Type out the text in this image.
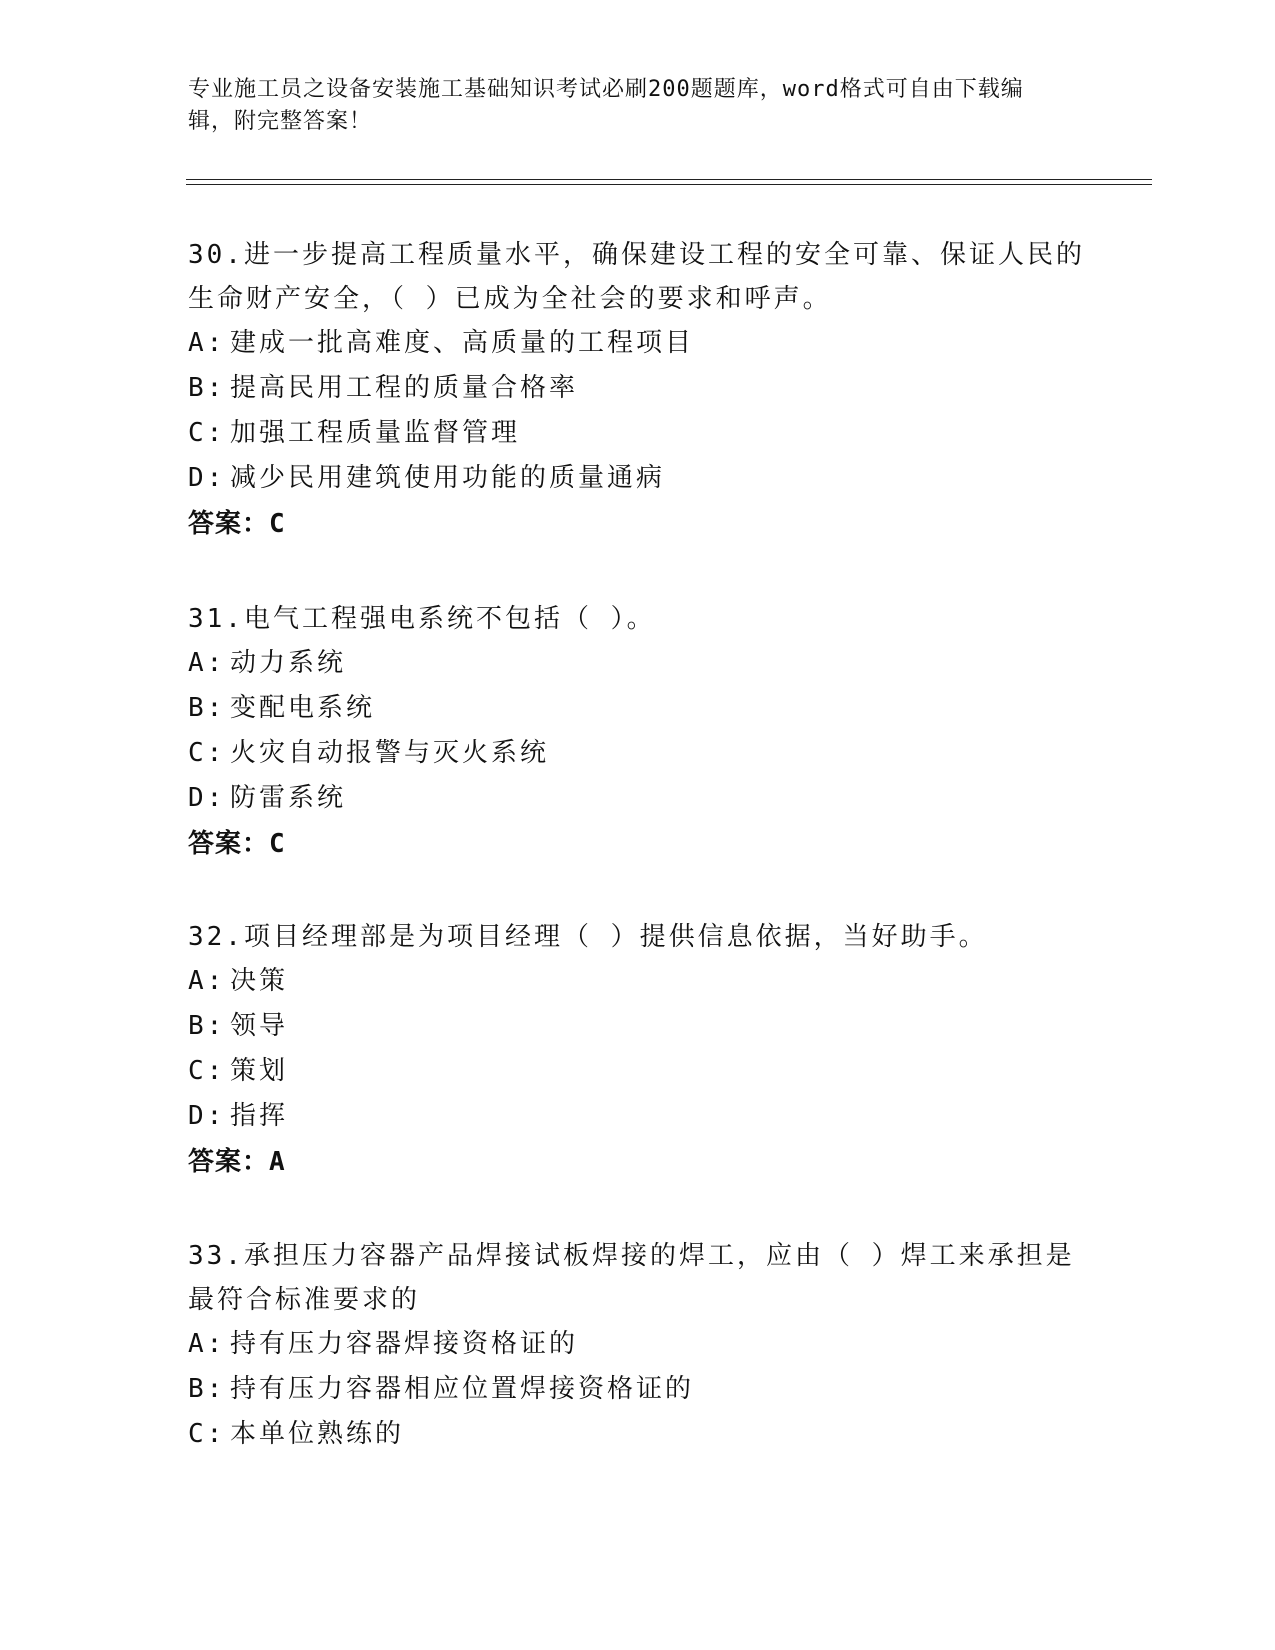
专业施工员之设备安装施工基础知识考试必刷200题题库，word格式可自由下载编辑，附完整答案！

30.进一步提高工程质量水平，确保建设工程的安全可靠、保证人民的生命财产安全，（ ）已成为全社会的要求和呼声。

A: 建成一批高难度、高质量的工程项目

B: 提高民用工程的质量合格率

C: 加强工程质量监督管理

D: 减少民用建筑使用功能的质量通病

答案：C

31.电气工程强电系统不包括（ ）。

A: 动力系统

B: 变配电系统

C: 火灾自动报警与灭火系统

D: 防雷系统

答案：C

32.项目经理部是为项目经理（ ）提供信息依据，当好助手。

A: 决策

B: 领导

C: 策划

D: 指挥

答案：A

33.承担压力容器产品焊接试板焊接的焊工，应由（ ）焊工来承担是最符合标准要求的

A: 持有压力容器焊接资格证的

B: 持有压力容器相应位置焊接资格证的

C: 本单位熟练的
